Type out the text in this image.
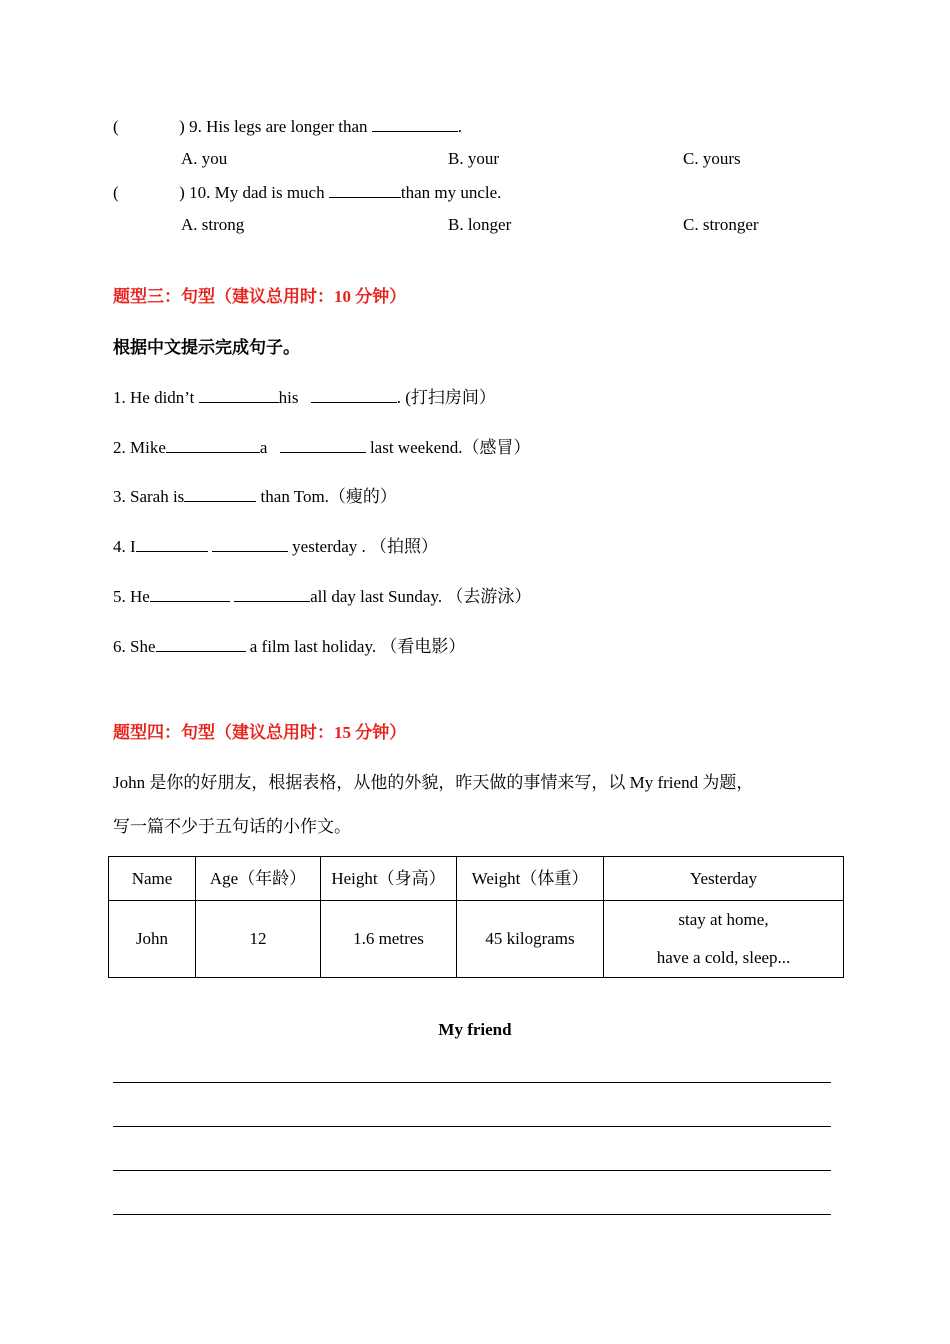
(	) 9. His legs are longer than	.
A. you	B. your	C. yours
(	) 10. My dad is much	than my uncle.
A. strong	B. longer	C. stronger
题型三：句型（建议总用时：10 分钟）
根据中文提示完成句子。
1. He didn’t	his	. (打扫房间）
2. Mike	a	last weekend.（感冒）
3. Sarah is	than Tom.（瘦的）
4. I	yesterday . （拍照）
5. He	all day last Sunday. （去游泳）
6. She	a film last holiday. （看电影）
题型四：句型（建议总用时：15 分钟）
John 是你的好朋友，根据表格，从他的外貌，昨天做的事情来写，以 My friend 为题，
写一篇不少于五句话的小作文。
Name	Age（年龄）	Height（身高）	Weight（体重）	Yesterday
John	12	1.6 metres	45 kilograms	stay at home,
have a cold, sleep...
My friend
